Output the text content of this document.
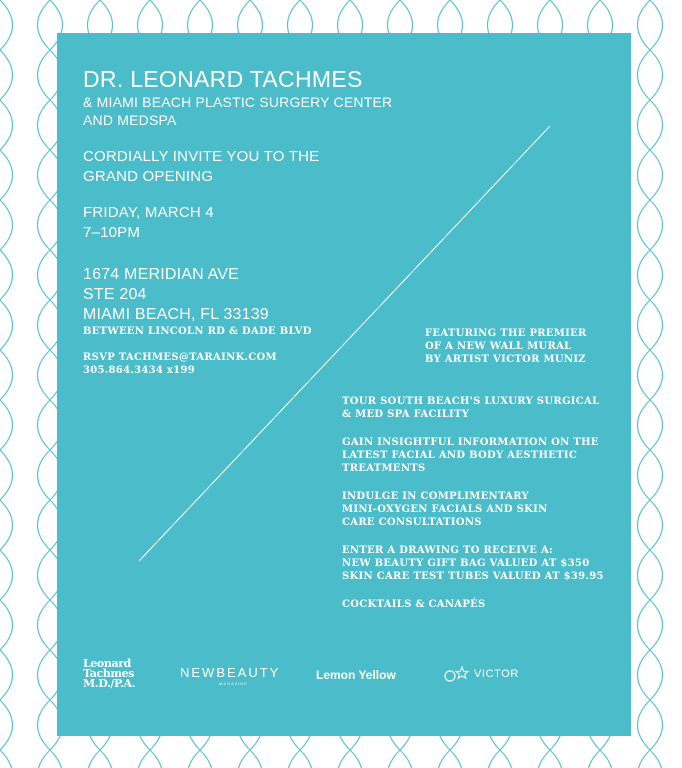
DR. LEONARD TACHMES
& MIAMI BEACH PLASTIC SURGERY CENTER
AND MEDSPA
CORDIALLY INVITE YOU TO THE
GRAND OPENING
FRIDAY, MARCH 4
7–10PM
1674 MERIDIAN AVE
STE 204
MIAMI BEACH, FL 33139
BETWEEN LINCOLN RD & DADE BLVD
RSVP TACHMES@TARAINK.COM
305.864.3434 x199
FEATURING THE PREMIER
OF A NEW WALL MURAL
BY ARTIST VICTOR MUNIZ
TOUR SOUTH BEACH'S LUXURY SURGICAL
& MED SPA FACILITY
GAIN INSIGHTFUL INFORMATION ON THE
LATEST FACIAL AND BODY AESTHETIC
TREATMENTS
INDULGE IN COMPLIMENTARY
MINI-OXYGEN FACIALS AND SKIN
CARE CONSULTATIONS
ENTER A DRAWING TO RECEIVE A:
NEW BEAUTY GIFT BAG VALUED AT $350
SKIN CARE TEST TUBES VALUED AT $39.95
COCKTAILS & CANAPÉS
Leonard
Tachmes
M.D./P.A.
NEWBEAUTY
MAGAZINE
Lemon Yellow	VICTOR
